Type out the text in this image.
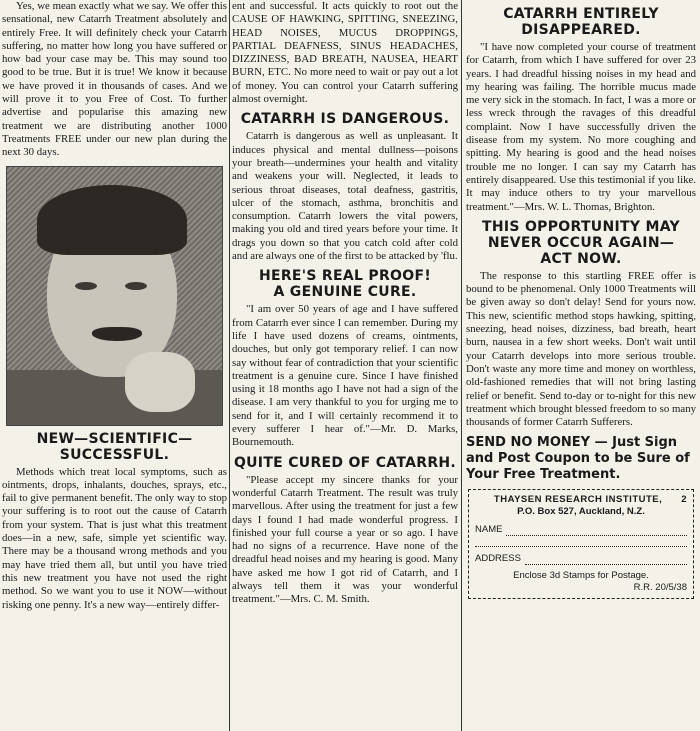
Yes, we mean exactly what we say. We offer this sensational, new Catarrh Treatment absolutely and entirely Free. It will definitely check your Catarrh suffering, no matter how long you have suffered or how bad your case may be. This may sound too good to be true. But it is true! We know it because we have proved it in thousands of cases. And we will prove it to you Free of Cost. To further advertise and popularise this amazing new treatment we are distributing another 1000 Treatments FREE under our new plan during the next 30 days.

NEW—SCIENTIFIC—
SUCCESSFUL.

Methods which treat local symptoms, such as ointments, drops, inhalants, douches, sprays, etc., fail to give permanent benefit. The only way to stop your suffering is to root out the cause of Catarrh from your system. That is just what this treatment does—in a new, safe, simple yet scientific way. There may be a thousand wrong methods and you may have tried them all, but until you have tried this new treatment you have not used the right method. So we want you to use it NOW—without risking one penny. It's a new way—entirely differ-

ent and successful. It acts quickly to root out the CAUSE OF HAWKING, SPITTING, SNEEZING, HEAD NOISES, MUCUS DROPPINGS, PARTIAL DEAFNESS, SINUS HEADACHES, DIZZINESS, BAD BREATH, NAUSEA, HEART BURN, ETC. No more need to wait or pay out a lot of money. You can control your Catarrh suffering almost overnight.

CATARRH IS DANGEROUS.

Catarrh is dangerous as well as unpleasant. It induces physical and mental dullness—poisons your breath—undermines your health and vitality and weakens your will. Neglected, it leads to serious throat diseases, total deafness, gastritis, ulcer of the stomach, asthma, bronchitis and consumption. Catarrh lowers the vital powers, making you old and tired years before your time. It drags you down so that you catch cold after cold and are always one of the first to be attacked by 'flu.

HERE'S REAL PROOF!
A GENUINE CURE.

"I am over 50 years of age and I have suffered from Catarrh ever since I can remember. During my life I have used dozens of creams, ointments, douches, but only got temporary relief. I can now say without fear of contradiction that your scientific treatment is a genuine cure. Since I have finished using it 18 months ago I have not had a sign of the disease. I am very thankful to you for urging me to send for it, and I will certainly recommend it to every sufferer I hear of."—Mr. D. Marks, Bournemouth.

QUITE CURED OF CATARRH.

"Please accept my sincere thanks for your wonderful Catarrh Treatment. The result was truly marvellous. After using the treatment for just a few days I found I had made wonderful progress. I finished your full course a year or so ago. I have had no signs of a recurrence. Have none of the dreadful head noises and my hearing is good. Many have asked me how I got rid of Catarrh, and I always tell them it was your wonderful treatment."—Mrs. C. M. Smith.

CATARRH ENTIRELY
DISAPPEARED.

"I have now completed your course of treatment for Catarrh, from which I have suffered for over 23 years. I had dreadful hissing noises in my head and my hearing was failing. The horrible mucus made me very sick in the stomach. In fact, I was a more or less wreck through the ravages of this dreadful complaint. Now I have successfully driven the disease from my system. No more coughing and spitting. My hearing is good and the head noises trouble me no longer. I can say my Catarrh has entirely disappeared. Use this testimonial if you like. It may induce others to try your marvellous treatment."—Mrs. W. L. Thomas, Brighton.

THIS OPPORTUNITY MAY
NEVER OCCUR AGAIN—
ACT NOW.

The response to this startling FREE offer is bound to be phenomenal. Only 1000 Treatments will be given away so don't delay! Send for yours now. This new, scientific method stops hawking, spitting, sneezing, head noises, dizziness, bad breath, heart burn, nausea in a few short weeks. Don't wait until your Catarrh develops into more serious trouble. Don't waste any more time and money on worthless, old-fashioned remedies that will not bring lasting relief or benefit. Send to-day or to-night for this new treatment which brought blessed freedom to so many thousands of former Catarrh Sufferers.

SEND NO MONEY — Just Sign and Post Coupon to be Sure of Your Free Treatment.
THAYSEN RESEARCH INSTITUTE, 2
P.O. Box 527, Auckland, N.Z.
NAME
ADDRESS
Enclose 3d Stamps for Postage.
R.R. 20/5/38
